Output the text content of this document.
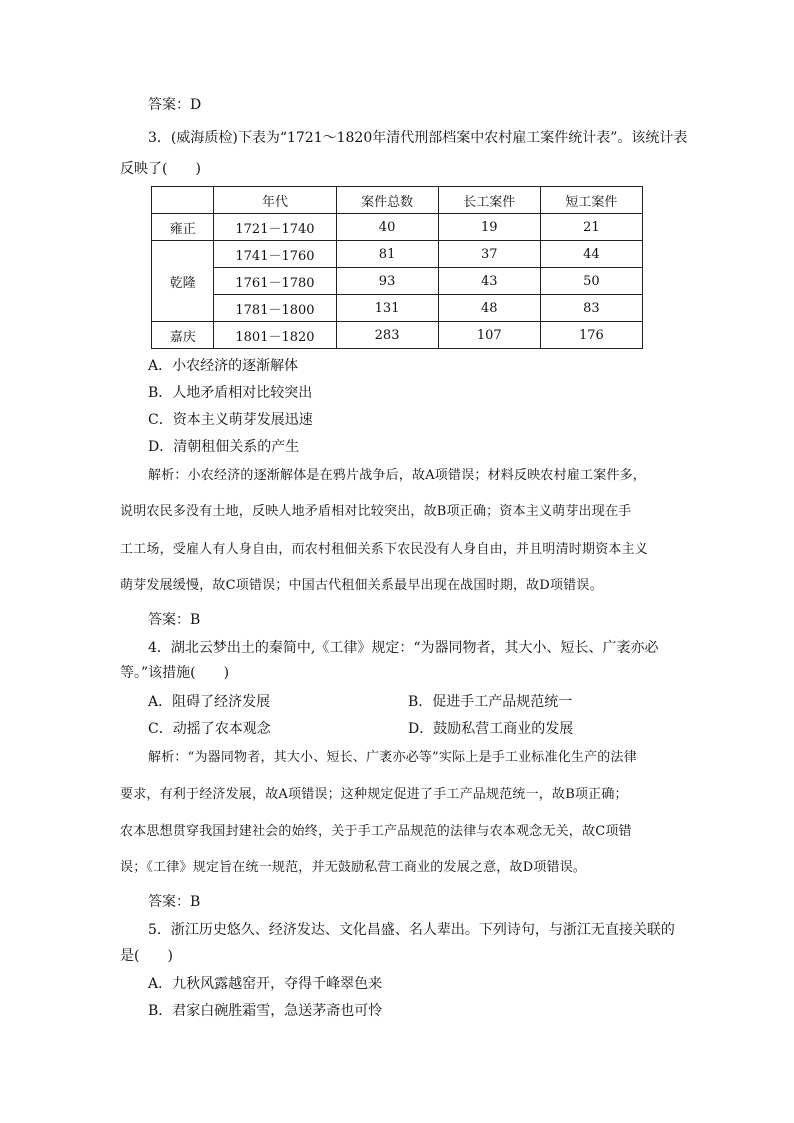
答案：D
3．(威海质检)下表为“1721～1820年清代刑部档案中农村雇工案件统计表”。该统计表
反映了(　　)
	年代	案件总数	长工案件	短工案件
雍正	1721－1740	40	19	21
乾隆	1741－1760	81	37	44
	1761－1780	93	43	50
	1781－1800	131	48	83
嘉庆	1801－1820	283	107	176
A．小农经济的逐渐解体
B．人地矛盾相对比较突出
C．资本主义萌芽发展迅速
D．清朝租佃关系的产生
解析：小农经济的逐渐解体是在鸦片战争后，故A项错误；材料反映农村雇工案件多，
说明农民多没有土地，反映人地矛盾相对比较突出，故B项正确；资本主义萌芽出现在手
工工场，受雇人有人身自由，而农村租佃关系下农民没有人身自由，并且明清时期资本主义
萌芽发展缓慢，故C项错误；中国古代租佃关系最早出现在战国时期，故D项错误。
答案：B
4．湖北云梦出土的秦简中,《工律》规定：“为器同物者，其大小、短长、广袤亦必
等。”该措施(　　)
A．阻碍了经济发展	B．促进手工产品规范统一
C．动摇了农本观念	D．鼓励私营工商业的发展
解析：“为器同物者，其大小、短长、广袤亦必等”实际上是手工业标准化生产的法律
要求，有利于经济发展，故A项错误；这种规定促进了手工产品规范统一，故B项正确；
农本思想贯穿我国封建社会的始终，关于手工产品规范的法律与农本观念无关，故C项错
误；《工律》规定旨在统一规范，并无鼓励私营工商业的发展之意，故D项错误。
答案：B
5．浙江历史悠久、经济发达、文化昌盛、名人辈出。下列诗句，与浙江无直接关联的
是(　　)
A．九秋风露越窑开，夺得千峰翠色来
B．君家白碗胜霜雪，急送茅斋也可怜
